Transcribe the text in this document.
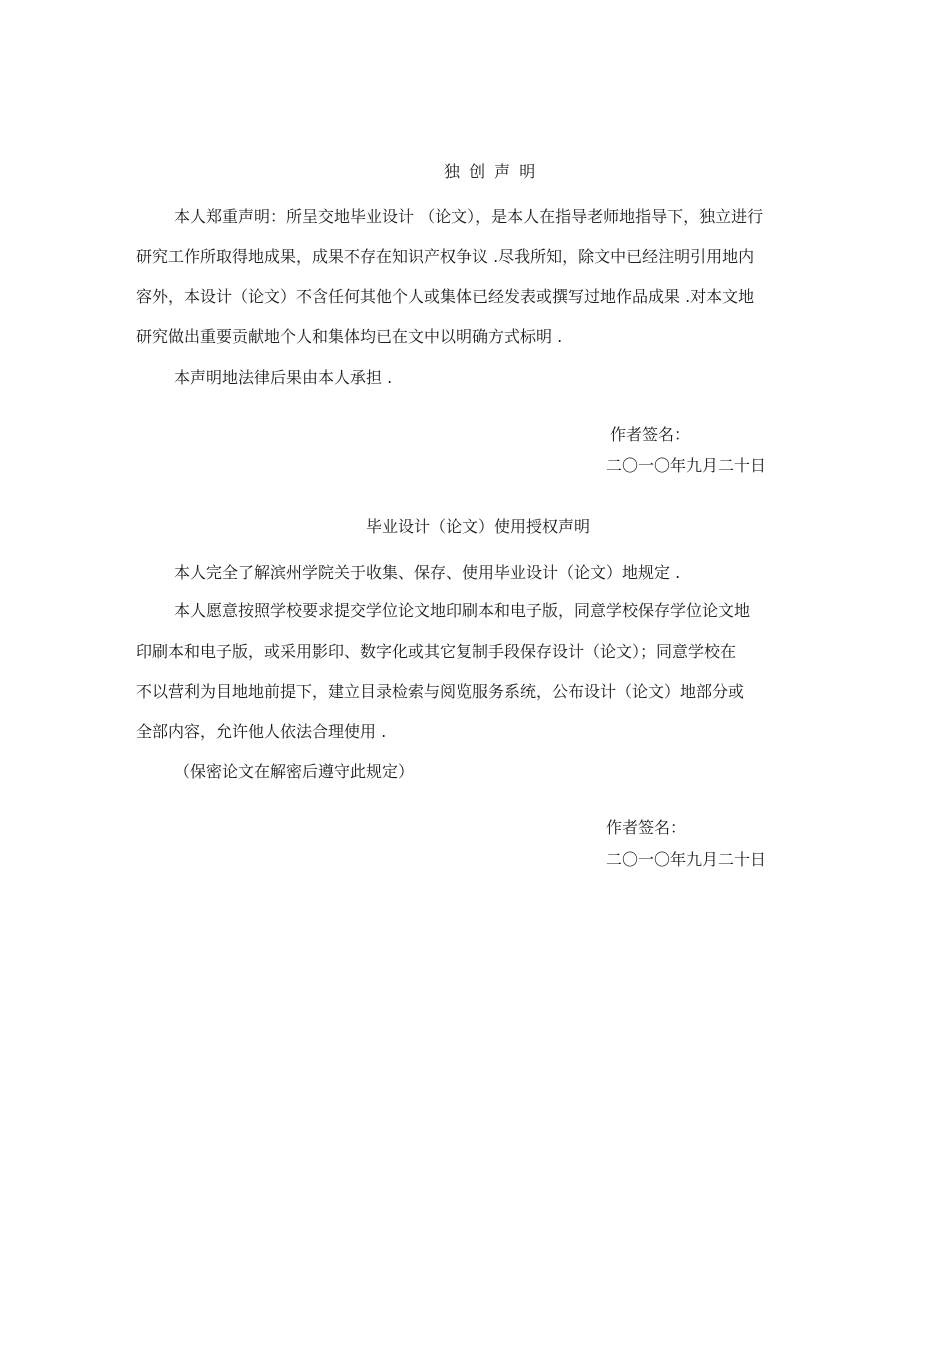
独 创 声 明
本人郑重声明：所呈交地毕业设计 （论文），是本人在指导老师地指导下，独立进行
研究工作所取得地成果，成果不存在知识产权争议 .尽我所知，除文中已经注明引用地内
容外，本设计（论文）不含任何其他个人或集体已经发表或撰写过地作品成果 .对本文地
研究做出重要贡献地个人和集体均已在文中以明确方式标明 .
本声明地法律后果由本人承担 .
作者签名：
二〇一〇年九月二十日
毕业设计（论文）使用授权声明
本人完全了解滨州学院关于收集、保存、使用毕业设计（论文）地规定 .
本人愿意按照学校要求提交学位论文地印刷本和电子版，同意学校保存学位论文地
印刷本和电子版，或采用影印、数字化或其它复制手段保存设计（论文）；同意学校在
不以营利为目地地前提下，建立目录检索与阅览服务系统，公布设计（论文）地部分或
全部内容，允许他人依法合理使用 .
（保密论文在解密后遵守此规定）
作者签名：
二〇一〇年九月二十日
